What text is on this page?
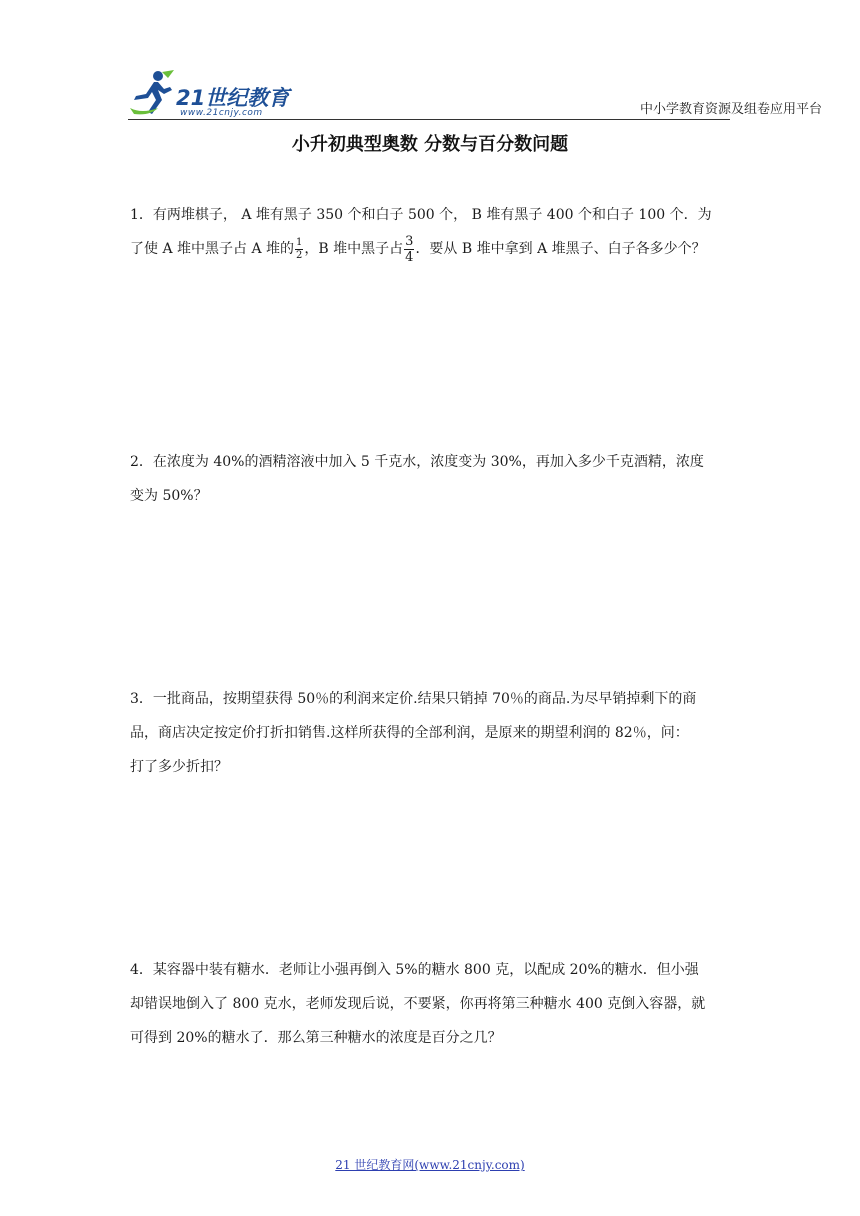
21世纪教育
www.21cnjy.com	中小学教育资源及组卷应用平台
小升初典型奥数 分数与百分数问题

1．有两堆棋子， A 堆有黑子 350 个和白子 500 个， B 堆有黑子 400 个和白子 100 个．为

了使 A 堆中黑子占 A 堆的 $\frac{1}{2}$ ，B 堆中黑子占 $\frac{3}{4}$ ．要从 B 堆中拿到 A 堆黑子、白子各多少个？

2．在浓度为 40%的酒精溶液中加入 5 千克水，浓度变为 30%，再加入多少千克酒精，浓度

变为 50%？

3．一批商品，按期望获得 50％的利润来定价.结果只销掉 70％的商品.为尽早销掉剩下的商

品，商店决定按定价打折扣销售.这样所获得的全部利润，是原来的期望利润的 82％，问：

打了多少折扣？

4．某容器中装有糖水．老师让小强再倒入 5%的糖水 800 克，以配成 20%的糖水．但小强

却错误地倒入了 800 克水，老师发现后说，不要紧，你再将第三种糖水 400 克倒入容器，就

可得到 20%的糖水了．那么第三种糖水的浓度是百分之几？

21 世纪教育网(www.21cnjy.com)
